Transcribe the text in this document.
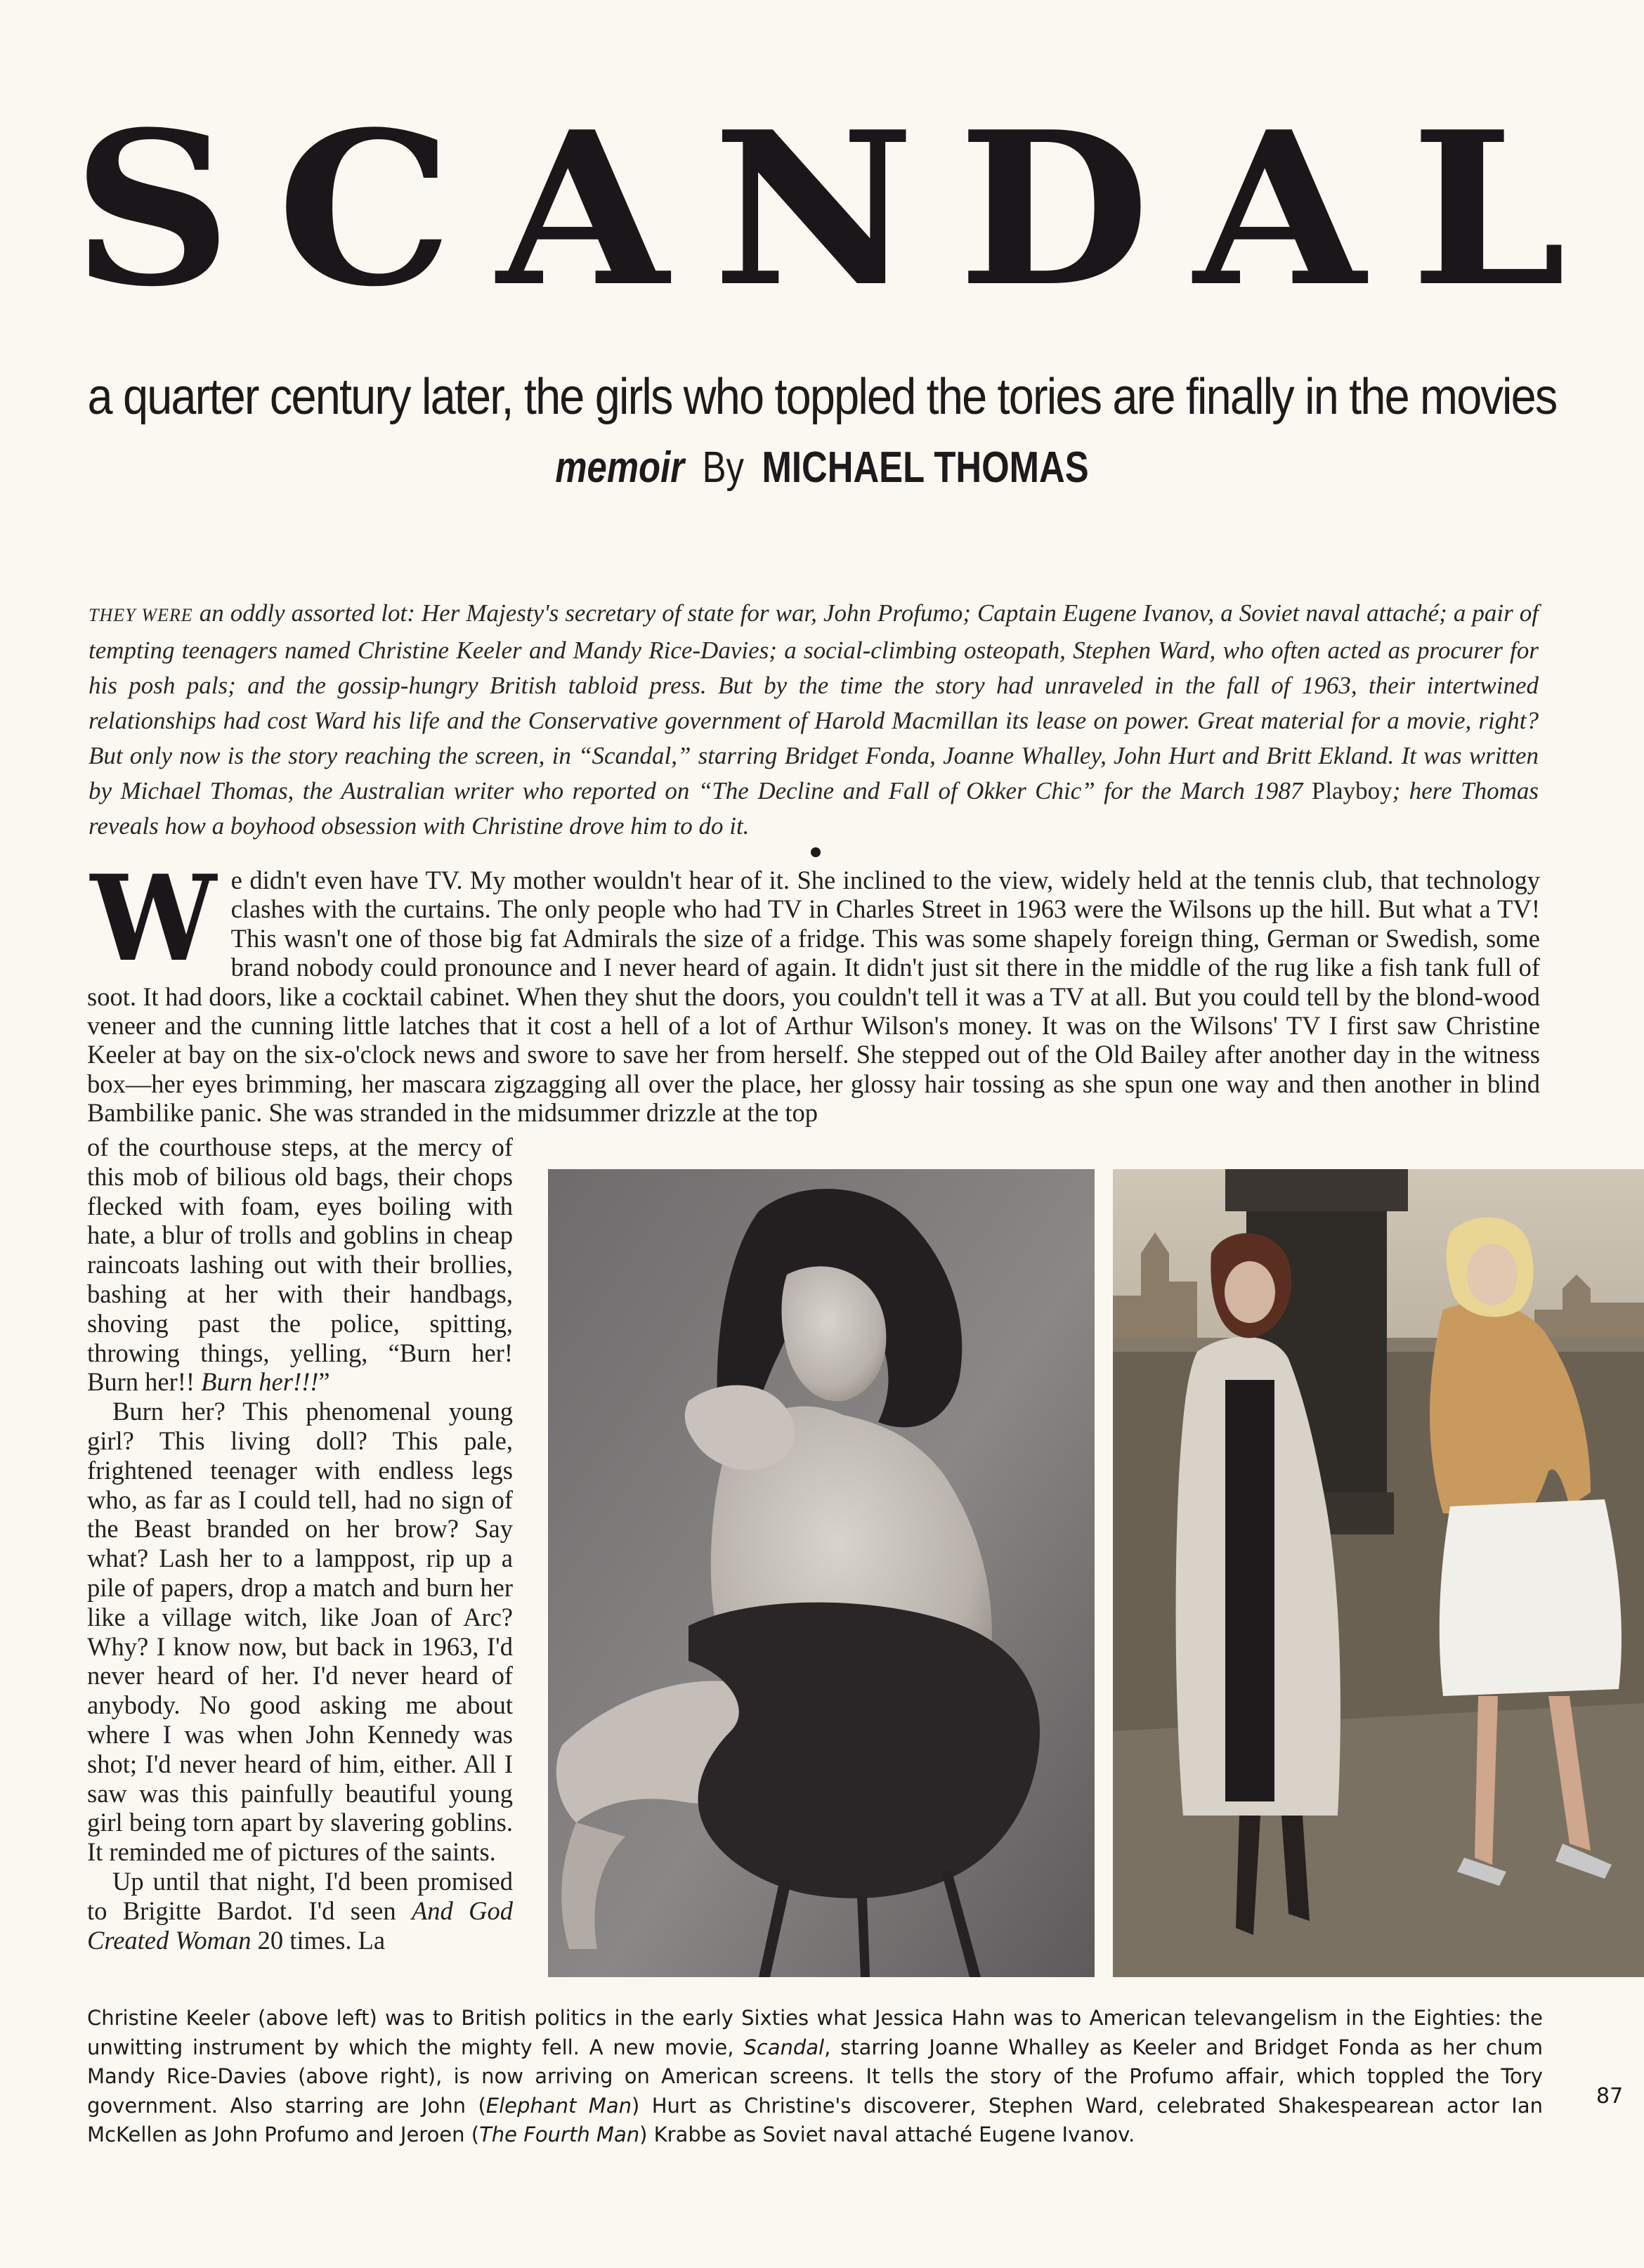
S C A N D A L
a quarter century later, the girls who toppled the tories are finally in the movies
memoir By MICHAEL THOMAS
THEY WERE an oddly assorted lot: Her Majesty's secretary of state for war, John Profumo; Captain Eugene Ivanov, a Soviet naval attaché; a pair of tempting teenagers named Christine Keeler and Mandy Rice-Davies; a social-climbing osteopath, Stephen Ward, who often acted as procurer for his posh pals; and the gossip-hungry British tabloid press. But by the time the story had unraveled in the fall of 1963, their intertwined relationships had cost Ward his life and the Conservative government of Harold Macmillan its lease on power. Great material for a movie, right? But only now is the story reaching the screen, in “Scandal,” starring Bridget Fonda, Joanne Whalley, John Hurt and Britt Ekland. It was written by Michael Thomas, the Australian writer who reported on “The Decline and Fall of Okker Chic” for the March 1987 Playboy; here Thomas reveals how a boyhood obsession with Christine drove him to do it.
We didn't even have TV. My mother wouldn't hear of it. She inclined to the view, widely held at the tennis club, that technology clashes with the curtains. The only people who had TV in Charles Street in 1963 were the Wilsons up the hill. But what a TV! This wasn't one of those big fat Admirals the size of a fridge. This was some shapely foreign thing, German or Swedish, some brand nobody could pronounce and I never heard of again. It didn't just sit there in the middle of the rug like a fish tank full of soot. It had doors, like a cocktail cabinet. When they shut the doors, you couldn't tell it was a TV at all. But you could tell by the blond-wood veneer and the cunning little latches that it cost a hell of a lot of Arthur Wilson's money. It was on the Wilsons' TV I first saw Christine Keeler at bay on the six-o'clock news and swore to save her from herself. She stepped out of the Old Bailey after another day in the witness box—her eyes brimming, her mascara zigzagging all over the place, her glossy hair tossing as she spun one way and then another in blind Bambilike panic. She was stranded in the midsummer drizzle at the top

of the courthouse steps, at the mercy of this mob of bilious old bags, their chops flecked with foam, eyes boiling with hate, a blur of trolls and goblins in cheap raincoats lashing out with their brollies, bashing at her with their handbags, shoving past the police, spitting, throwing things, yelling, “Burn her! Burn her!! Burn her!!!”

Burn her? This phenomenal young girl? This living doll? This pale, frightened teenager with endless legs who, as far as I could tell, had no sign of the Beast branded on her brow? Say what? Lash her to a lamppost, rip up a pile of papers, drop a match and burn her like a village witch, like Joan of Arc? Why? I know now, but back in 1963, I'd never heard of her. I'd never heard of anybody. No good asking me about where I was when John Kennedy was shot; I'd never heard of him, either. All I saw was this painfully beautiful young girl being torn apart by slavering goblins. It reminded me of pictures of the saints.

Up until that night, I'd been promised to Brigitte Bardot. I'd seen And God Created Woman 20 times. La

Christine Keeler (above left) was to British politics in the early Sixties what Jessica Hahn was to American televangelism in the Eighties: the unwitting instrument by which the mighty fell. A new movie, Scandal, starring Joanne Whalley as Keeler and Bridget Fonda as her chum Mandy Rice-Davies (above right), is now arriving on American screens. It tells the story of the Profumo affair, which toppled the Tory government. Also starring are John (Elephant Man) Hurt as Christine's discoverer, Stephen Ward, celebrated Shakespearean actor Ian McKellen as John Profumo and Jeroen (The Fourth Man) Krabbe as Soviet naval attaché Eugene Ivanov.
87
